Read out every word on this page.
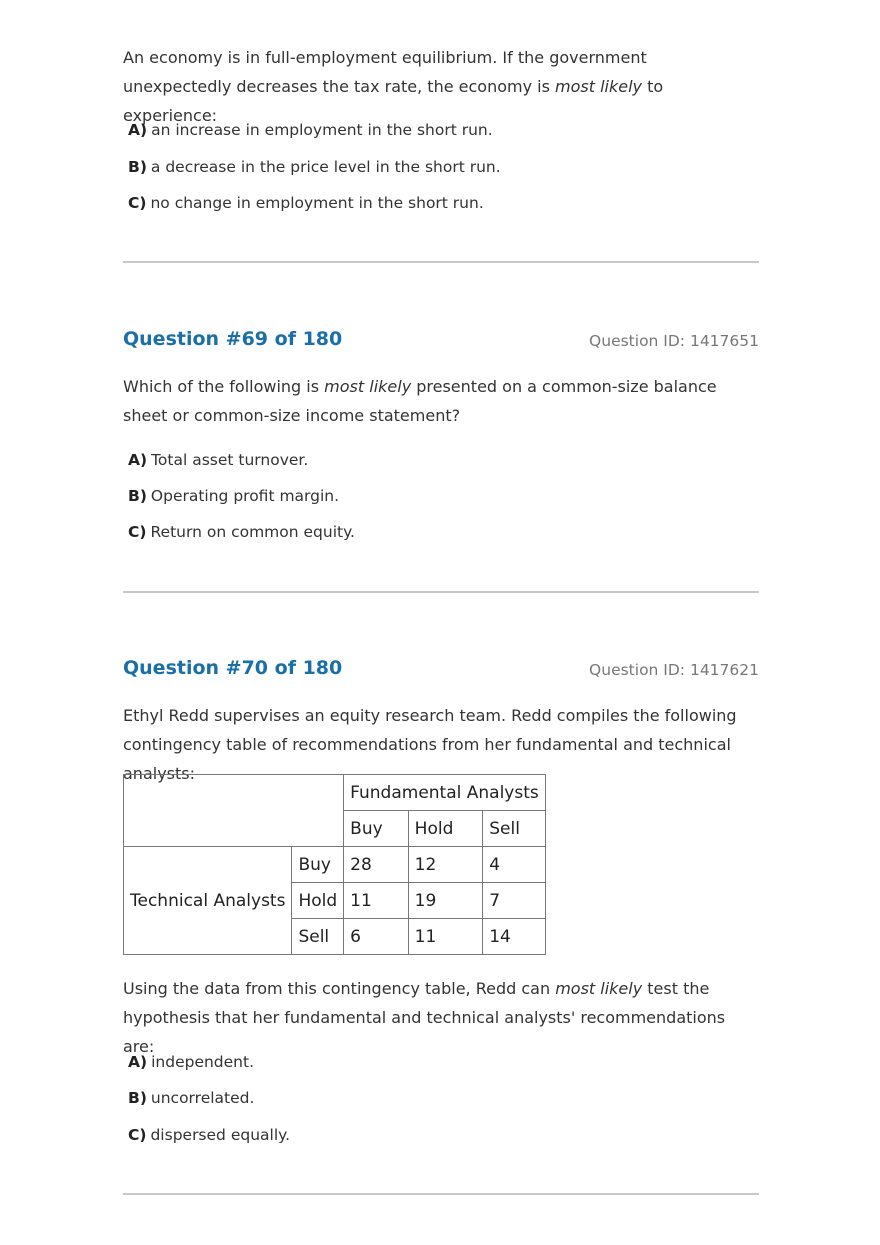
An economy is in full-employment equilibrium. If the government unexpectedly decreases the tax rate, the economy is most likely to experience:

A) an increase in employment in the short run.
B) a decrease in the price level in the short run.
C) no change in employment in the short run.
Question #69 of 180	Question ID: 1417651

Which of the following is most likely presented on a common-size balance sheet or common-size income statement?

A) Total asset turnover.
B) Operating profit margin.
C) Return on common equity.
Question #70 of 180	Question ID: 1417621

Ethyl Redd supervises an equity research team. Redd compiles the following contingency table of recommendations from her fundamental and technical analysts:

		Fundamental Analysts		
		Buy	Hold	Sell
Technical Analysts	Buy	28	12	4
	Hold	11	19	7
	Sell	6	11	14

Using the data from this contingency table, Redd can most likely test the hypothesis that her fundamental and technical analysts' recommendations are:

A) independent.
B) uncorrelated.
C) dispersed equally.
